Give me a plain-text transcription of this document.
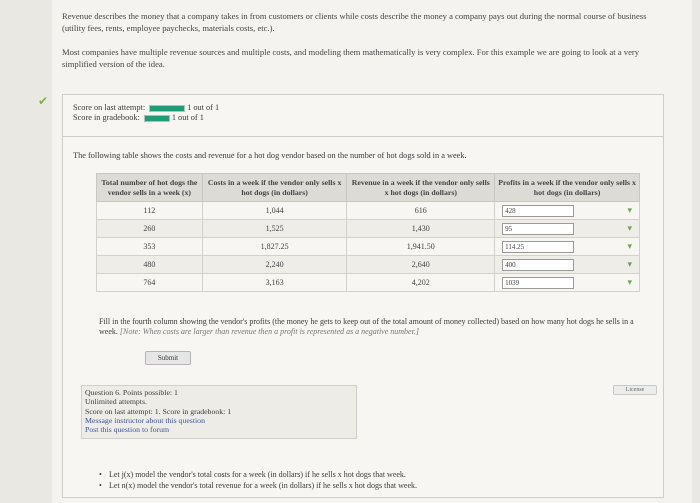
Revenue describes the money that a company takes in from customers or clients while costs describe the money a company pays out during the normal course of business (utility fees, rents, employee paychecks, materials costs, etc.).

Most companies have multiple revenue sources and multiple costs, and modeling them mathematically is very complex. For this example we are going to look at a very simplified version of the idea.

✔	Score on last attempt:	1 out of 1
Score in gradebook:	1 out of 1
The following table shows the costs and revenue for a hot dog vendor based on the number of hot dogs sold in a week.
Total number of hot dogs the vendor sells in a week (x)	Costs in a week if the vendor only sells x hot dogs (in dollars)	Revenue in a week if the vendor only sells x hot dogs (in dollars)	Profits in a week if the vendor only sells x hot dogs (in dollars)
112	1,044	616	428 ▾

260	1,525	1,430	95 ▾

353	1,827.25	1,941.50	114.25 ▾

480	2,240	2,640	400 ▾

764	3,163	4,202	1039 ▾
Fill in the fourth column showing the vendor's profits (the money he gets to keep out of the total amount of money collected) based on how many hot dogs he sells in a week. [Note: When costs are larger than revenue then a profit is represented as a negative number.]
Submit
License
Question 6. Points possible: 1
Unlimited attempts.
Score on last attempt: 1. Score in gradebook: 1
Message instructor about this question
Post this question to forum
• Let j(x) model the vendor's total costs for a week (in dollars) if he sells x hot dogs that week.
• Let n(x) model the vendor's total revenue for a week (in dollars) if he sells x hot dogs that week.
